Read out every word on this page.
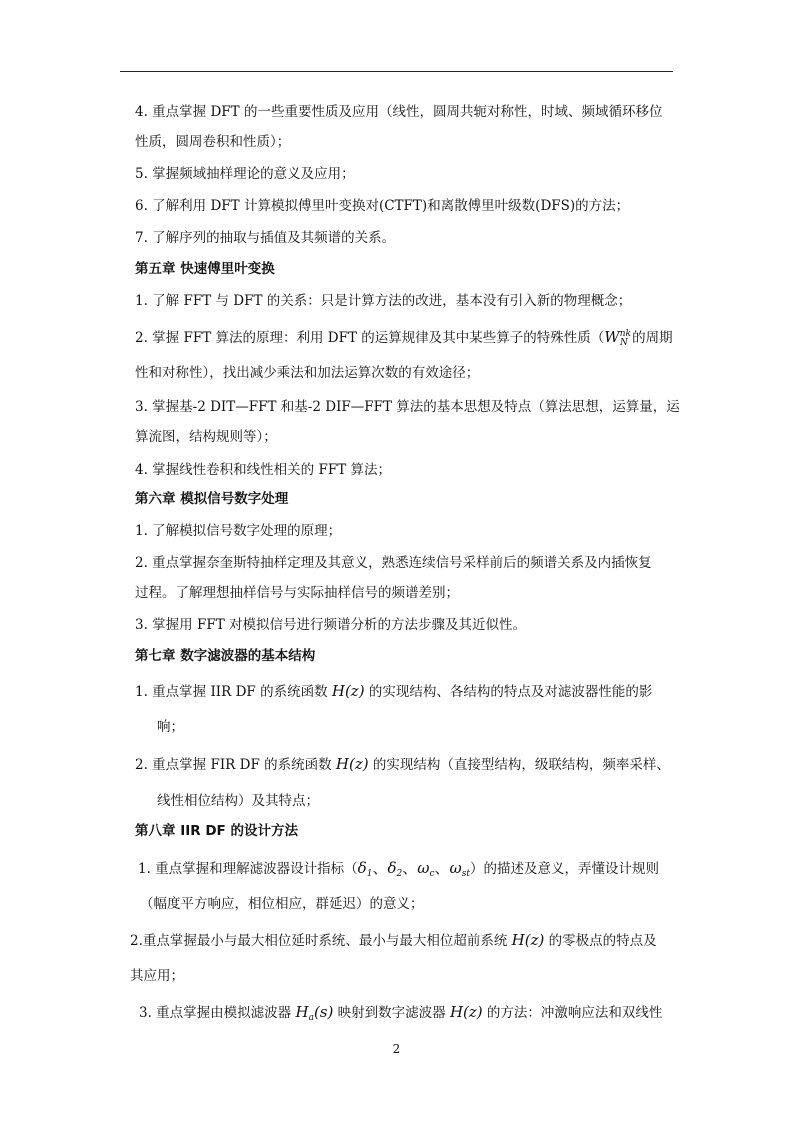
4. 重点掌握 DFT 的一些重要性质及应用（线性，圆周共轭对称性，时域、频域循环移位
性质，圆周卷积和性质）；
5. 掌握频域抽样理论的意义及应用；
6. 了解利用 DFT 计算模拟傅里叶变换对(CTFT)和离散傅里叶级数(DFS)的方法；
7. 了解序列的抽取与插值及其频谱的关系。
第五章 快速傅里叶变换
1. 了解 FFT 与 DFT 的关系：只是计算方法的改进，基本没有引入新的物理概念；
2. 掌握 FFT 算法的原理：利用 DFT 的运算规律及其中某些算子的特殊性质（$W^{nk}_N$ 的周期
性和对称性），找出减少乘法和加法运算次数的有效途径；
3. 掌握基-2 DIT—FFT 和基-2 DIF—FFT 算法的基本思想及特点（算法思想，运算量，运
算流图，结构规则等）；
4. 掌握线性卷积和线性相关的 FFT 算法；
第六章 模拟信号数字处理
1. 了解模拟信号数字处理的原理；
2. 重点掌握奈奎斯特抽样定理及其意义，熟悉连续信号采样前后的频谱关系及内插恢复
过程。了解理想抽样信号与实际抽样信号的频谱差别；
3. 掌握用 FFT 对模拟信号进行频谱分析的方法步骤及其近似性。
第七章 数字滤波器的基本结构
1. 重点掌握 IIR DF 的系统函数 H(z) 的实现结构、各结构的特点及对滤波器性能的影
响；
2. 重点掌握 FIR DF 的系统函数 H(z) 的实现结构（直接型结构，级联结构，频率采样、
线性相位结构）及其特点；
第八章 IIR DF 的设计方法
1. 重点掌握和理解滤波器设计指标（$\delta_1$、$\delta_2$、$\omega_c$、$\omega_{st}$）的描述及意义，弄懂设计规则
（幅度平方响应，相位相应，群延迟）的意义；
2.重点掌握最小与最大相位延时系统、最小与最大相位超前系统 H(z) 的零极点的特点及
其应用；
3. 重点掌握由模拟滤波器 $H_a(s)$ 映射到数字滤波器 H(z) 的方法：冲激响应法和双线性
2
